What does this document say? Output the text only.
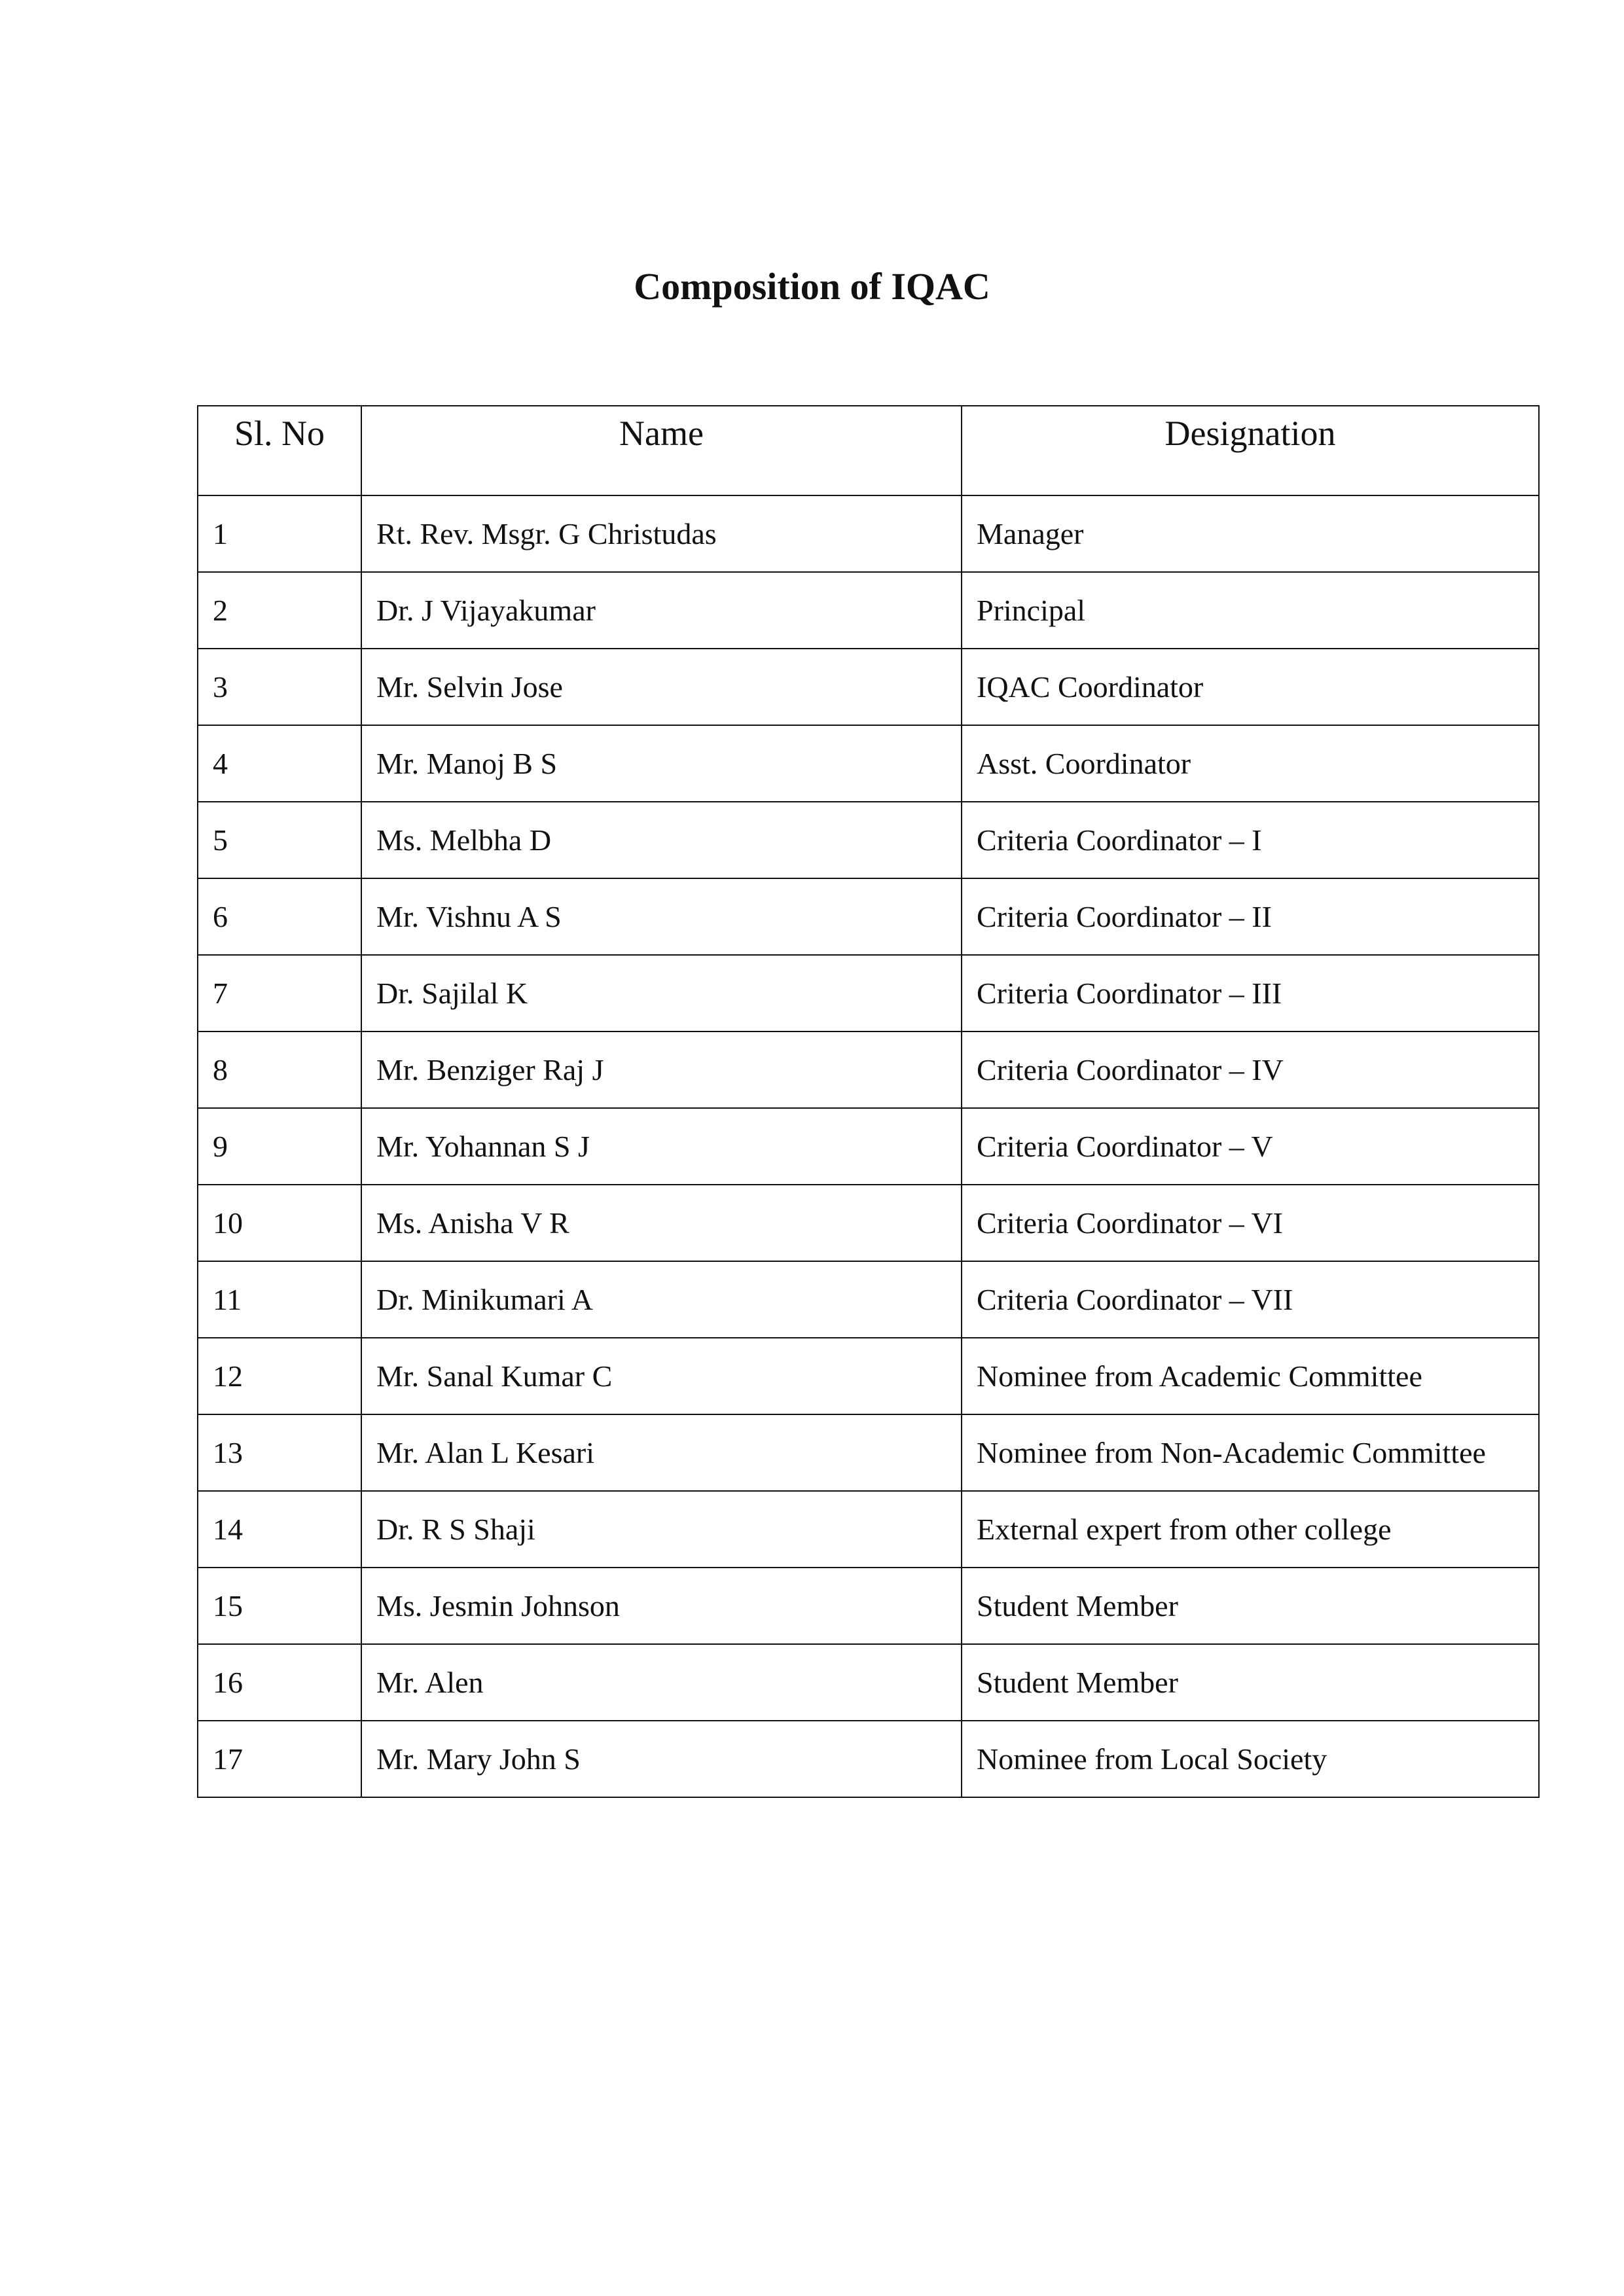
Composition of IQAC
Sl. No	Name	Designation
1	Rt. Rev. Msgr. G Christudas	Manager
2	Dr. J Vijayakumar	Principal
3	Mr. Selvin Jose	IQAC Coordinator
4	Mr. Manoj B S	Asst. Coordinator
5	Ms. Melbha D	Criteria Coordinator – I
6	Mr. Vishnu A S	Criteria Coordinator – II
7	Dr. Sajilal K	Criteria Coordinator – III
8	Mr. Benziger Raj J	Criteria Coordinator – IV
9	Mr. Yohannan S J	Criteria Coordinator – V
10	Ms. Anisha V R	Criteria Coordinator – VI
11	Dr. Minikumari A	Criteria Coordinator – VII
12	Mr. Sanal Kumar C	Nominee from Academic Committee
13	Mr. Alan L Kesari	Nominee from Non-Academic Committee
14	Dr. R S Shaji	External expert from other college
15	Ms. Jesmin Johnson	Student Member
16	Mr. Alen	Student Member
17	Mr. Mary John S	Nominee from Local Society
